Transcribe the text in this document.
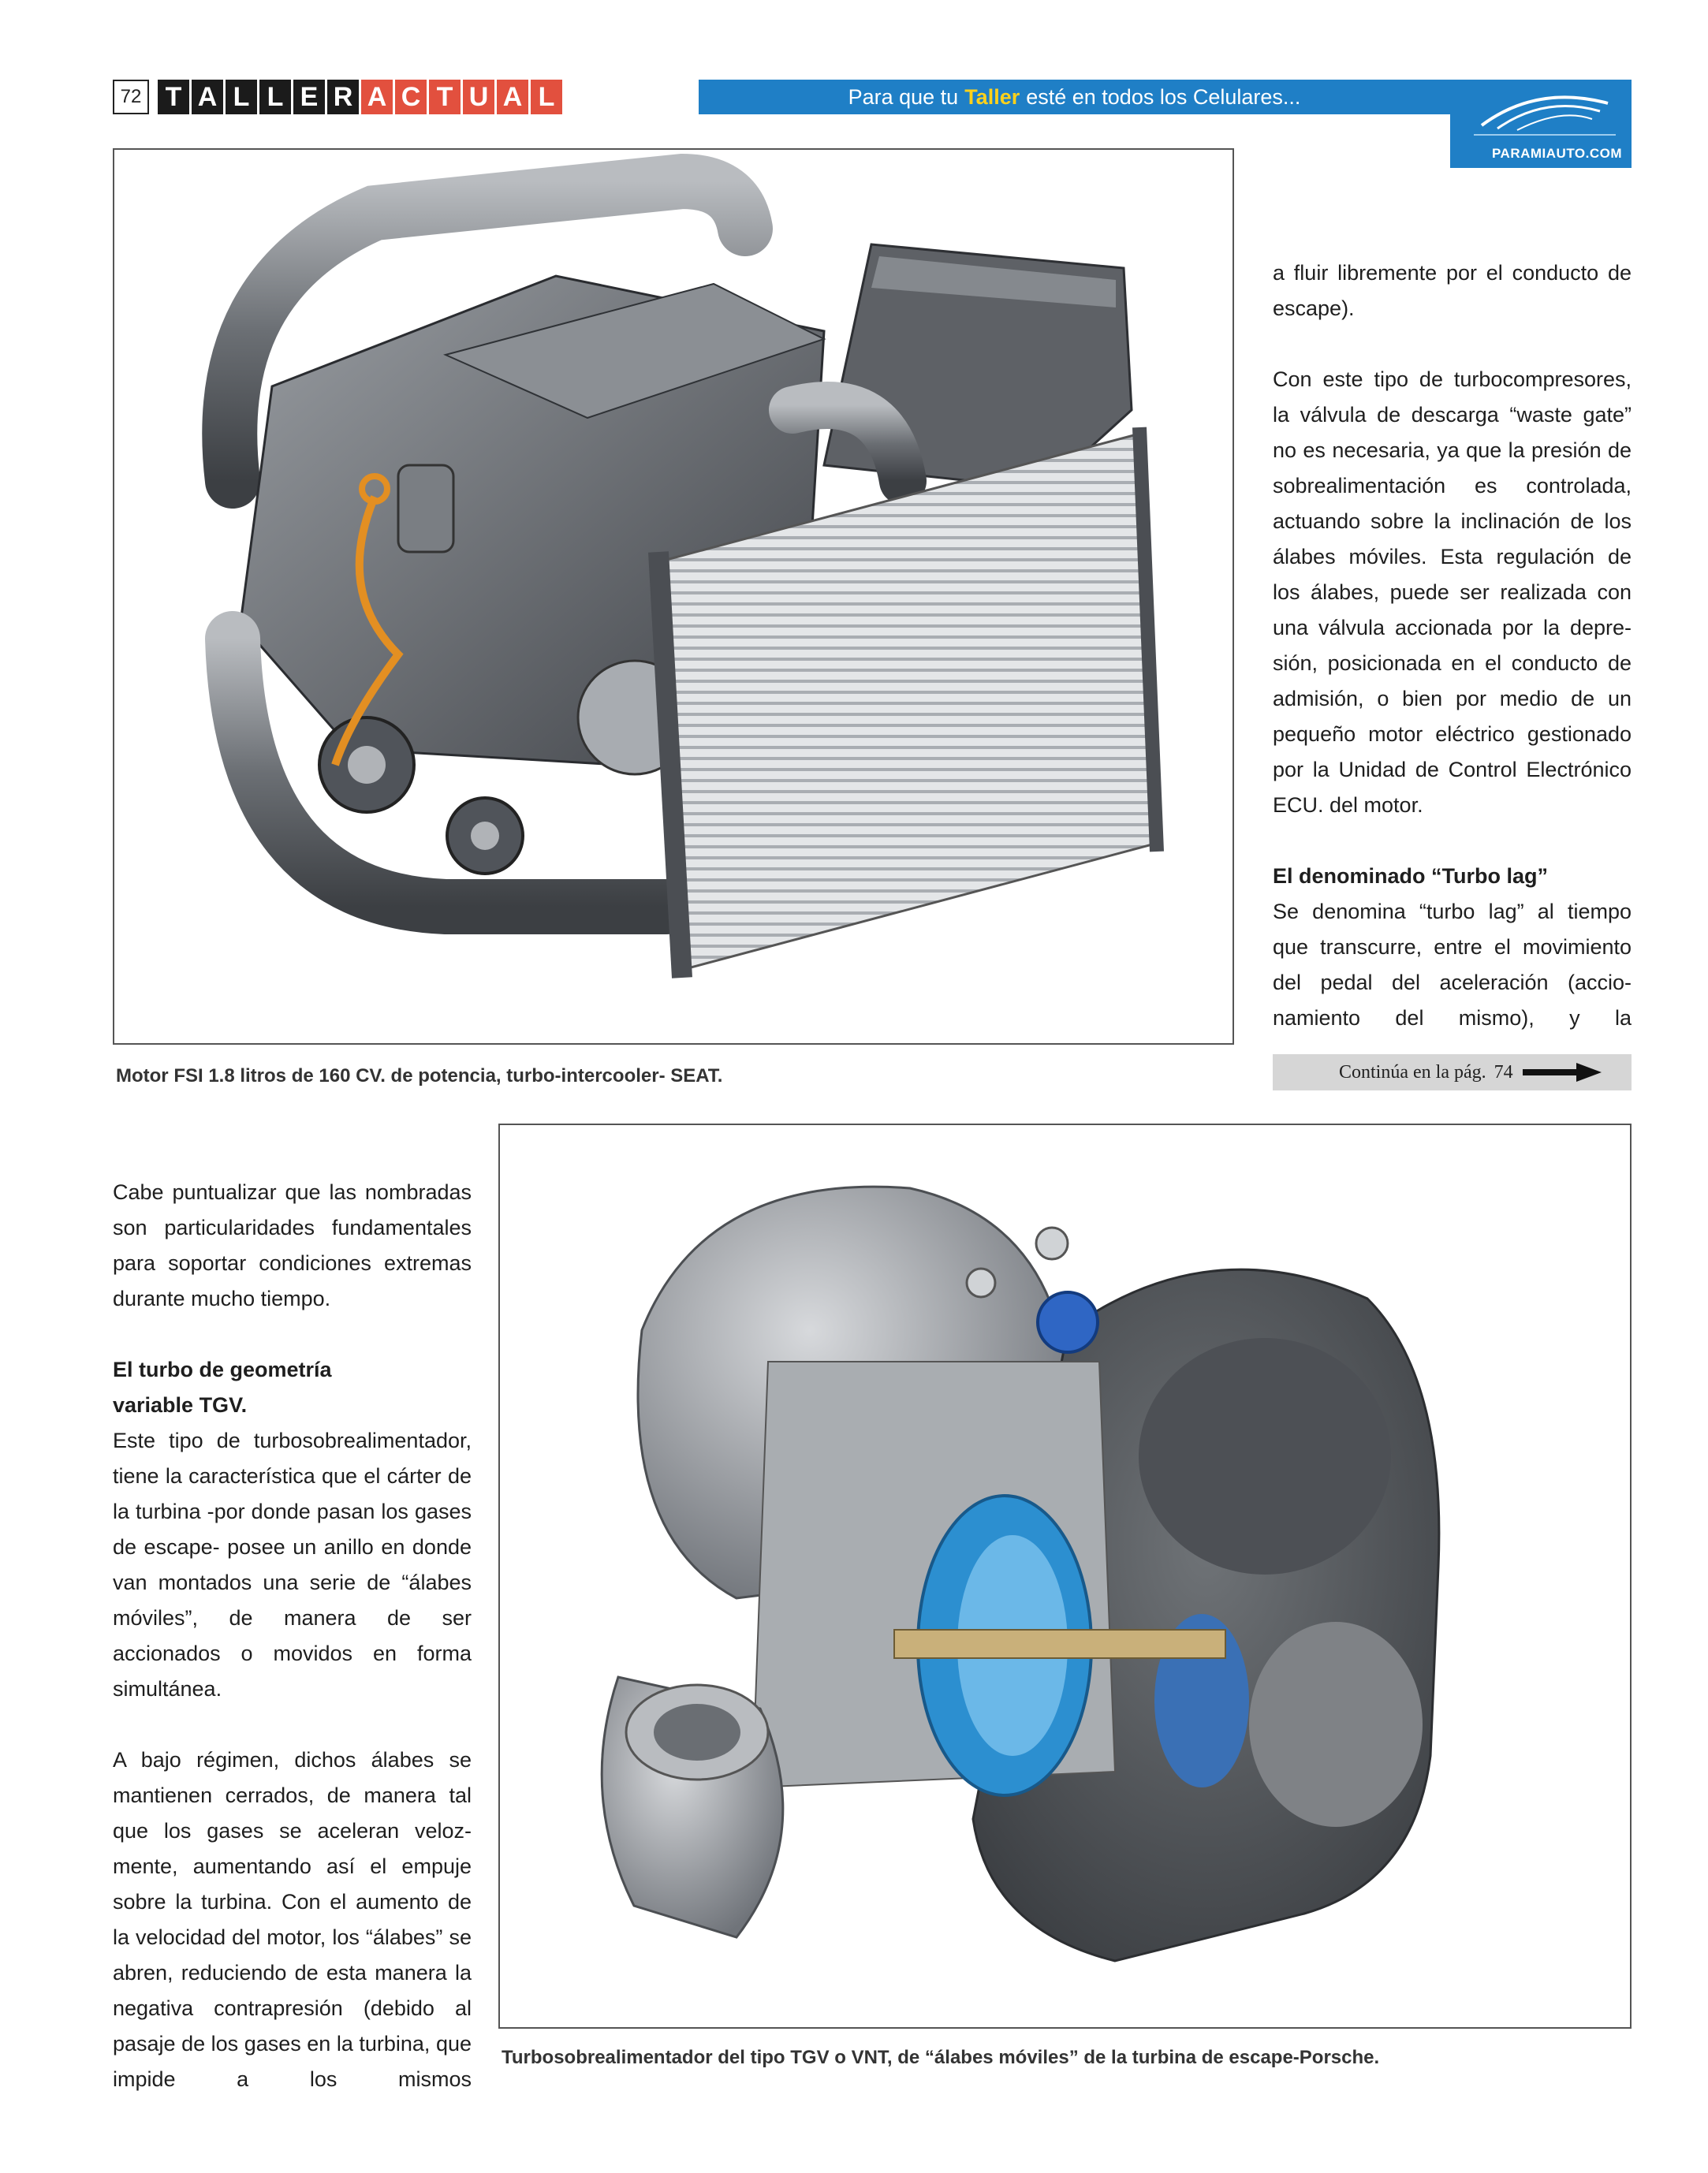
72 T A L L E R A C T U A L	Para que tu Taller esté en todos los Celulares...
PARAMIAUTO.COM
Motor FSI 1.8 litros de 160 CV. de potencia, turbo-intercooler- SEAT.

a fluir libremente por el conducto de escape).

Con este tipo de turbocompresores, la válvula de descarga “waste gate” no es necesaria, ya que la presión de sobrealimentación es controlada, actuando sobre la inclinación de los álabes móviles. Esta regulación de los álabes, puede ser realizada con una válvula accionada por la depresión, posicionada en el conducto de admisión, o bien por medio de un pequeño motor eléctrico gestionado por la Unidad de Control Electrónico ECU. del motor.

El denominado “Turbo lag”

Se denomina “turbo lag” al tiempo que transcurre, entre el movimiento del pedal del aceleración (accionamiento del mismo), y la

Continúa en la pág. 74
Turbosobrealimentador del tipo TGV o VNT, de “álabes móviles” de la turbina de escape-Porsche.

Cabe puntualizar que las nombradas son particularidades fundamentales para soportar condiciones extremas durante mucho tiempo.

El turbo de geometría
variable TGV.

Este tipo de turbosobrealimentador, tiene la característica que el cárter de la turbina -por donde pasan los gases de escape- posee un anillo en donde van montados una serie de “álabes móviles”, de manera de ser accionados o movidos en forma simultánea.

A bajo régimen, dichos álabes se mantienen cerrados, de manera tal que los gases se aceleran velozmente, aumentando así el empuje sobre la turbina. Con el aumento de la velocidad del motor, los “álabes” se abren, reduciendo de esta manera la negativa contrapresión (debido al pasaje de los gases en la turbina, que impide a los mismos
